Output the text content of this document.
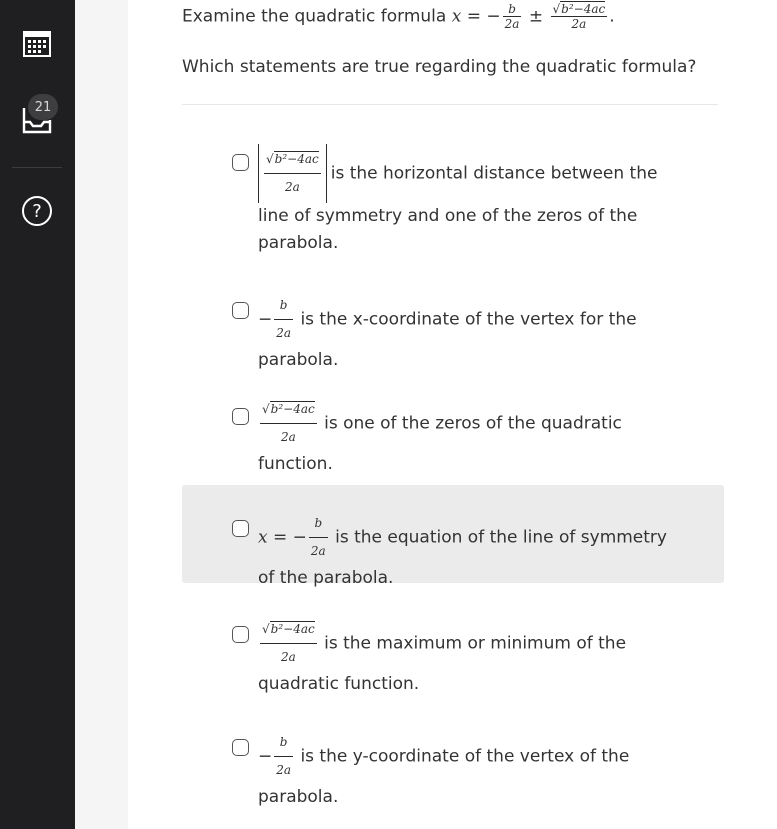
21
?
Examine the quadratic formula x = − $\frac{b}{2a} \pm \frac{\text{√b²−4ac}}{2a}$ .
Which statements are true regarding the quadratic formula?
$\frac{\text{√b²−4ac}}{2a}$ is the horizontal distance between the
line of symmetry and one of the zeros of the parabola.
− $\frac{b}{2a}$ is the x-coordinate of the vertex for the
parabola.
$\frac{\text{√b²−4ac}}{2a}$ is one of the zeros of the quadratic
function.
x = − $\frac{b}{2a}$ is the equation of the line of symmetry
of the parabola.
$\frac{\text{√b²−4ac}}{2a}$ is the maximum or minimum of the
quadratic function.
− $\frac{b}{2a}$ is the y-coordinate of the vertex of the
parabola.
